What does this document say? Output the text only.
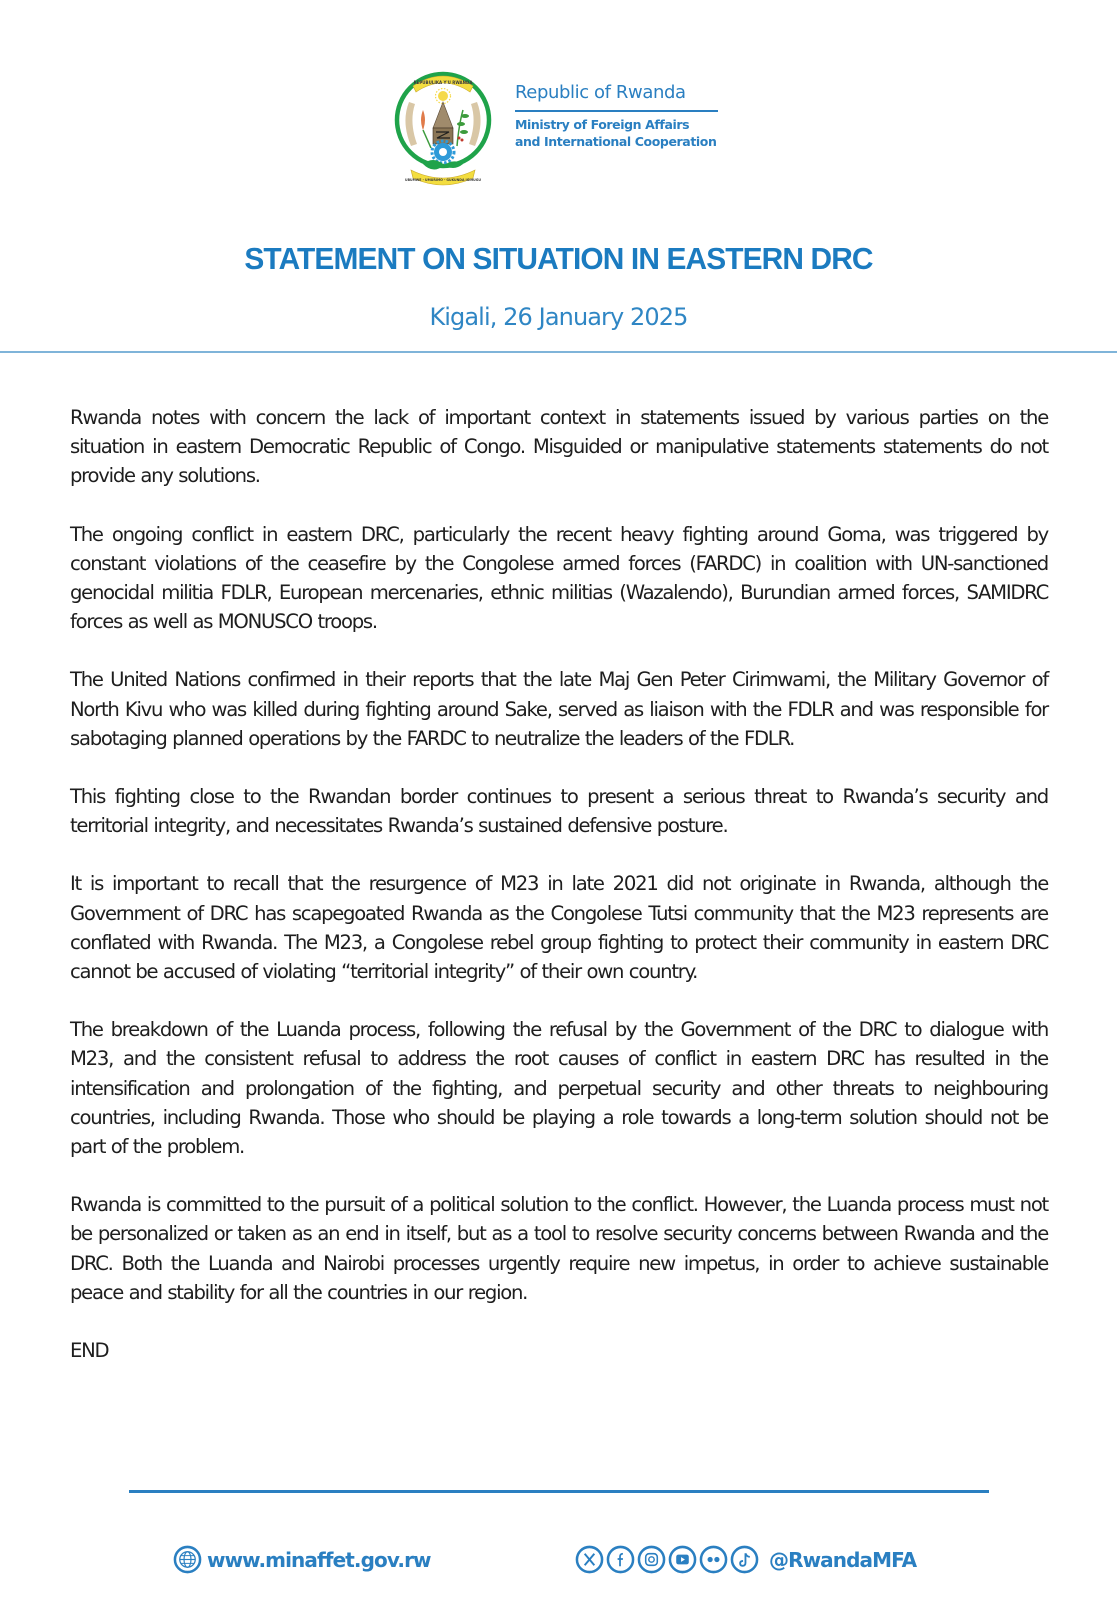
REPUBULIKA Y'U RWANDA
UBUMWE - UMURIMO - GUKUNDA IGIHUGU
Republic of Rwanda
Ministry of Foreign Affairs
and International Cooperation
STATEMENT ON SITUATION IN EASTERN DRC
Kigali, 26 January 2025

Rwanda notes with concern the lack of important context in statements issued by various parties on the situation in eastern Democratic Republic of Congo. Misguided or manipulative statements statements do not provide any solutions.

The ongoing conflict in eastern DRC, particularly the recent heavy fighting around Goma, was triggered by constant violations of the ceasefire by the Congolese armed forces (FARDC) in coalition with UN-sanctioned genocidal militia FDLR, European mercenaries, ethnic militias (Wazalendo), Burundian armed forces, SAMIDRC forces as well as MONUSCO troops.

The United Nations confirmed in their reports that the late Maj Gen Peter Cirimwami, the Military Governor of North Kivu who was killed during fighting around Sake, served as liaison with the FDLR and was responsible for sabotaging planned operations by the FARDC to neutralize the leaders of the FDLR.

This fighting close to the Rwandan border continues to present a serious threat to Rwanda’s security and territorial integrity, and necessitates Rwanda’s sustained defensive posture.

It is important to recall that the resurgence of M23 in late 2021 did not originate in Rwanda, although the Government of DRC has scapegoated Rwanda as the Congolese Tutsi community that the M23 represents are conflated with Rwanda. The M23, a Congolese rebel group fighting to protect their community in eastern DRC cannot be accused of violating “territorial integrity” of their own country.

The breakdown of the Luanda process, following the refusal by the Government of the DRC to dialogue with M23, and the consistent refusal to address the root causes of conflict in eastern DRC has resulted in the intensification and prolongation of the fighting, and perpetual security and other threats to neighbouring countries, including Rwanda. Those who should be playing a role towards a long-term solution should not be part of the problem.

Rwanda is committed to the pursuit of a political solution to the conflict. However, the Luanda process must not be personalized or taken as an end in itself, but as a tool to resolve security concerns between Rwanda and the DRC. Both the Luanda and Nairobi processes urgently require new impetus, in order to achieve sustainable peace and stability for all the countries in our region.

END

www.minaffet.gov.rw	@RwandaMFA
